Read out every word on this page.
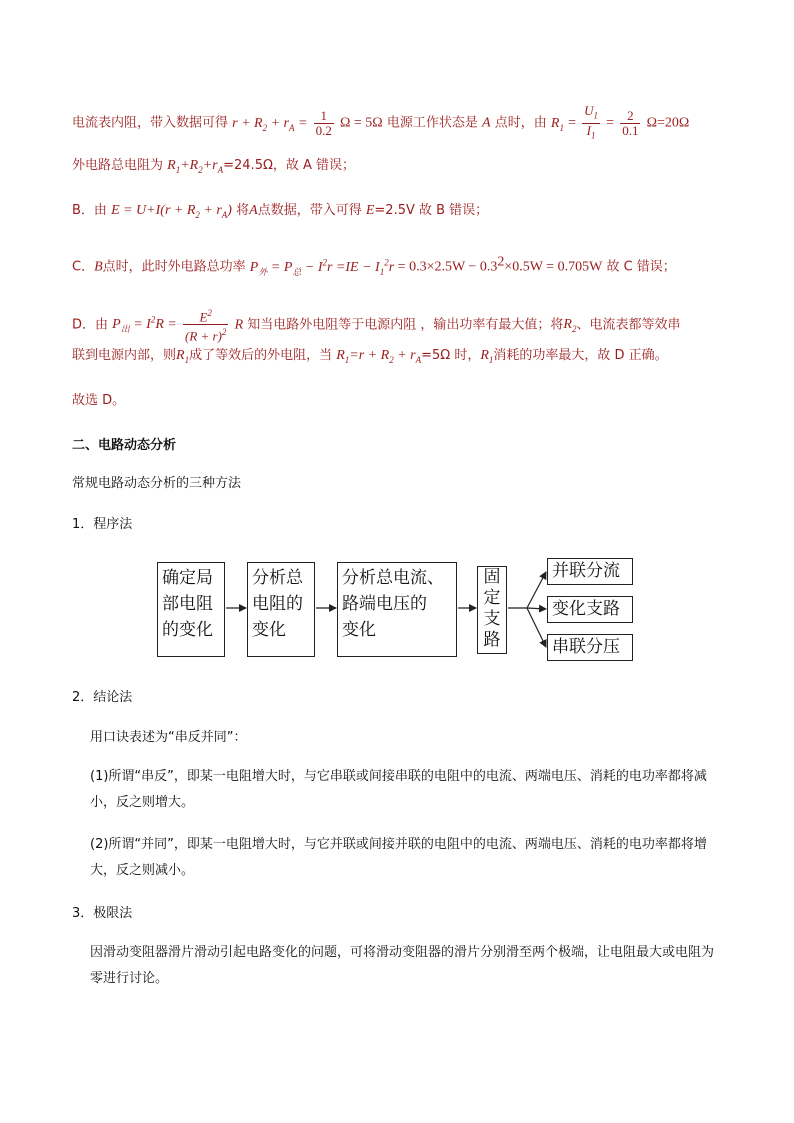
电流表内阻，带入数据可得 $r + R_2 + r_A = \frac{1}{0.2}$ Ω = 5Ω 电源工作状态是 A 点时，由 $R_1 = \frac{U_1}{I_1} = \frac{2}{0.1} \Omega=20\Omega$
外电路总电阻为 $R_1+R_2+r_A=24.5\Omega$，故 A 错误；
B．由 $E = U+I(r + R_2 + r_A)$ 将A点数据，带入可得 E=2.5V 故 B 错误；
C．B点时，此时外电路总功率 $P_外 = P_总 - I^2r =IE - I_1^2r = 0.3\times 2.5W - 0.3^2\times 0.5W = 0.705W$ 故 C 错误；
D．由 $P_出 = I^2R = \frac{E^2}{(R + r)^2}$ R 知当电路外电阻等于电源内阻 ，输出功率有最大值；将$R_2$、电流表都等效串
联到电源内部，则$R_1$成了等效后的外电阻，当 $R_1=r + R_2 + r_A=5\Omega$ 时，$R_1$消耗的功率最大，故 D 正确。
故选 D。
二、电路动态分析
常规电路动态分析的三种方法
1．程序法
确定局
部电阻
的变化
分析总
电阻的
变化
分析总电流、
路端电压的
变化
固
定
支
路
并联分流
变化支路
串联分压
2．结论法
用口诀表述为“串反并同”：
(1)所谓“串反”，即某一电阻增大时，与它串联或间接串联的电阻中的电流、两端电压、消耗的电功率都将减小，反之则增大。
(2)所谓“并同”，即某一电阻增大时，与它并联或间接并联的电阻中的电流、两端电压、消耗的电功率都将增大，反之则减小。
3．极限法
因滑动变阻器滑片滑动引起电路变化的问题，可将滑动变阻器的滑片分别滑至两个极端，让电阻最大或电阻为零进行讨论。
